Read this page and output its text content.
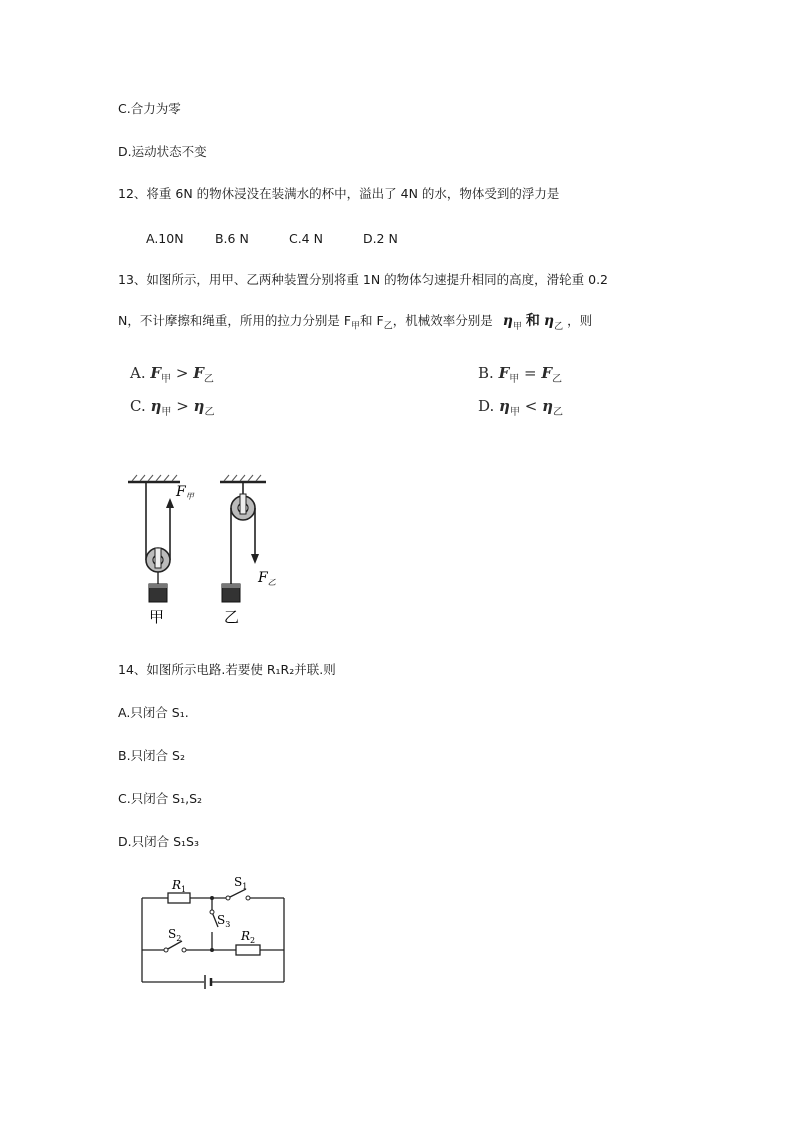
C.合力为零
D.运动状态不变
12、将重 6N 的物休浸没在装满水的杯中，溢出了 4N 的水，物体受到的浮力是
A.10N	B.6 N	C.4 N	D.2 N
13、如图所示，用甲、乙两种装置分别将重 1N 的物体匀速提升相同的高度，滑轮重 0.2
N，不计摩擦和绳重，所用的拉力分别是 $F_甲$和 $F_乙$，机械效率分别是 $\eta_甲$ 和 $\eta_乙$ ，则
A. $F_甲 > F_乙$	B. $F_甲 = F_乙$
C. $\eta_甲 > \eta_乙$	D. $\eta_甲 < \eta_乙$
$F_甲$
$F_乙$
甲	乙
14、如图所示电路.若要使 R₁R₂并联.则
A.只闭合 S₁.
B.只闭合 S₂
C.只闭合 S₁,S₂
D.只闭合 S₁S₃
$R_1$
$S_1$
$S_3$
$S_2$	$R_2$
